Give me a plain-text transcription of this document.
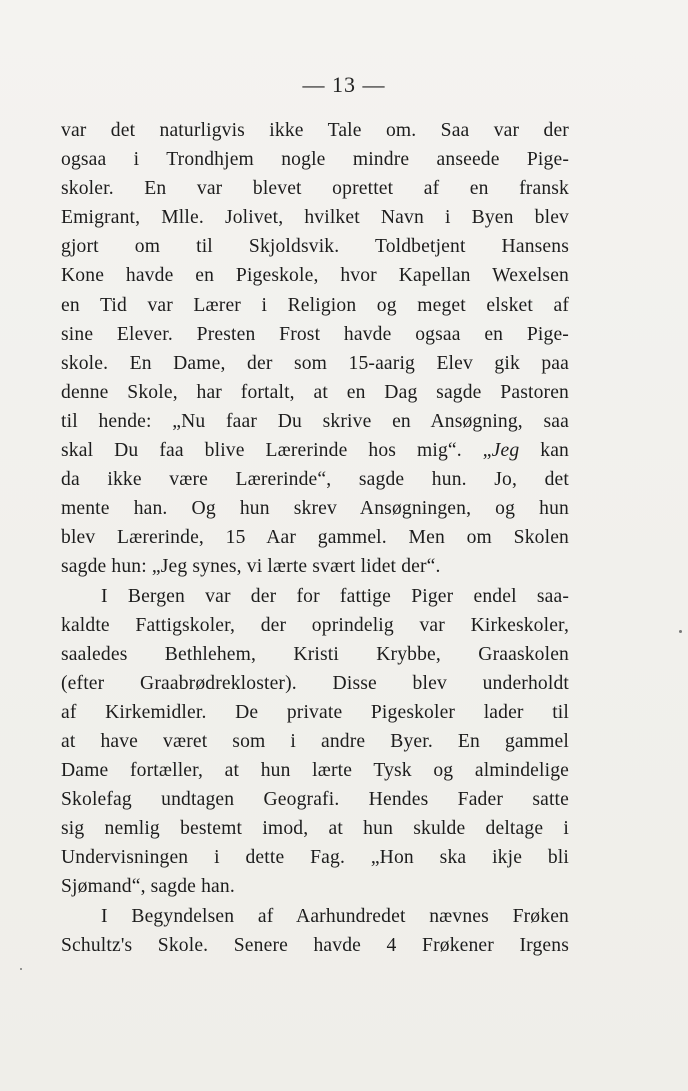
— 13 —
var det naturligvis ikke Tale om. Saa var der
ogsaa i Trondhjem nogle mindre anseede Pige-
skoler. En var blevet oprettet af en fransk
Emigrant, Mlle. Jolivet, hvilket Navn i Byen blev
gjort om til Skjoldsvik. Toldbetjent Hansens
Kone havde en Pigeskole, hvor Kapellan Wexelsen
en Tid var Lærer i Religion og meget elsket af
sine Elever. Presten Frost havde ogsaa en Pige-
skole. En Dame, der som 15-aarig Elev gik paa
denne Skole, har fortalt, at en Dag sagde Pastoren
til hende: „Nu faar Du skrive en Ansøgning, saa
skal Du faa blive Lærerinde hos mig“. „Jeg kan
da ikke være Lærerinde“, sagde hun. Jo, det
mente han. Og hun skrev Ansøgningen, og hun
blev Lærerinde, 15 Aar gammel. Men om Skolen
sagde hun: „Jeg synes, vi lærte svært lidet der“.
I Bergen var der for fattige Piger endel saa-
kaldte Fattigskoler, der oprindelig var Kirkeskoler,
saaledes Bethlehem, Kristi Krybbe, Graaskolen
(efter Graabrødrekloster). Disse blev underholdt
af Kirkemidler. De private Pigeskoler lader til
at have været som i andre Byer. En gammel
Dame fortæller, at hun lærte Tysk og almindelige
Skolefag undtagen Geografi. Hendes Fader satte
sig nemlig bestemt imod, at hun skulde deltage i
Undervisningen i dette Fag. „Hon ska ikje bli
Sjømand“, sagde han.
I Begyndelsen af Aarhundredet nævnes Frøken
Schultz's Skole. Senere havde 4 Frøkener Irgens
